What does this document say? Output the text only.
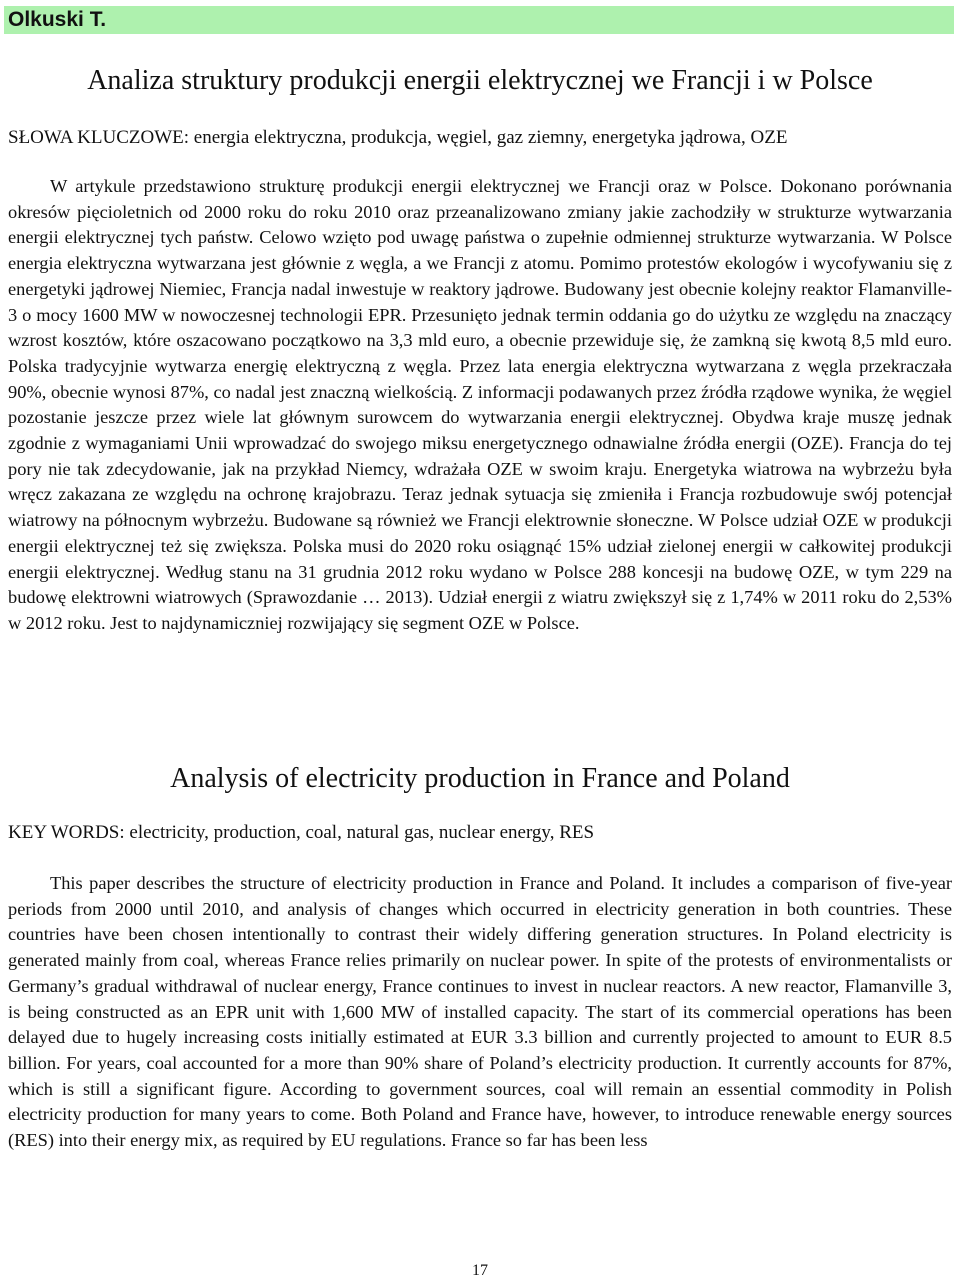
Olkuski T.
Analiza struktury produkcji energii elektrycznej we Francji i w Polsce
SŁOWA KLUCZOWE: energia elektryczna, produkcja, węgiel, gaz ziemny, energetyka jądrowa, OZE

W artykule przedstawiono strukturę produkcji energii elektrycznej we Francji oraz w Polsce. Dokonano porównania okresów pięcioletnich od 2000 roku do roku 2010 oraz przeanalizowano zmiany jakie zachodziły w strukturze wytwarzania energii elektrycznej tych państw. Celowo wzięto pod uwagę państwa o zupełnie odmiennej strukturze wytwarzania. W Polsce energia elektryczna wytwarzana jest głównie z węgla, a we Francji z atomu. Pomimo protestów ekologów i wycofywaniu się z energetyki jądrowej Niemiec, Francja nadal inwestuje w reaktory jądrowe. Budowany jest obecnie kolejny reaktor Flamanville-3 o mocy 1600 MW w nowoczesnej technologii EPR. Przesunięto jednak termin oddania go do użytku ze względu na znaczący wzrost kosztów, które oszacowano początkowo na 3,3 mld euro, a obecnie przewiduje się, że zamkną się kwotą 8,5 mld euro. Polska tradycyjnie wytwarza energię elektryczną z węgla. Przez lata energia elektryczna wytwarzana z węgla przekraczała 90%, obecnie wynosi 87%, co nadal jest znaczną wielkością. Z informacji podawanych przez źródła rządowe wynika, że węgiel pozostanie jeszcze przez wiele lat głównym surowcem do wytwarzania energii elektrycznej. Obydwa kraje muszę jednak zgodnie z wymaganiami Unii wprowadzać do swojego miksu energetycznego odnawialne źródła energii (OZE). Francja do tej pory nie tak zdecydowanie, jak na przykład Niemcy, wdrażała OZE w swoim kraju. Energetyka wiatrowa na wybrzeżu była wręcz zakazana ze względu na ochronę krajobrazu. Teraz jednak sytuacja się zmieniła i Francja rozbudowuje swój potencjał wiatrowy na północnym wybrzeżu. Budowane są również we Francji elektrownie słoneczne. W Polsce udział OZE w produkcji energii elektrycznej też się zwiększa. Polska musi do 2020 roku osiągnąć 15% udział zielonej energii w całkowitej produkcji energii elektrycznej. Według stanu na 31 grudnia 2012 roku wydano w Polsce 288 koncesji na budowę OZE, w tym 229 na budowę elektrowni wiatrowych (Sprawozdanie … 2013). Udział energii z wiatru zwiększył się z 1,74% w 2011 roku do 2,53% w 2012 roku. Jest to najdynamiczniej rozwijający się segment OZE w Polsce.

Analysis of electricity production in France and Poland
KEY WORDS: electricity, production, coal, natural gas, nuclear energy, RES

This paper describes the structure of electricity production in France and Poland. It includes a comparison of five-year periods from 2000 until 2010, and analysis of changes which occurred in electricity generation in both countries. These countries have been chosen intentionally to contrast their widely differing generation structures. In Poland electricity is generated mainly from coal, whereas France relies primarily on nuclear power. In spite of the protests of environmentalists or Germany’s gradual withdrawal of nuclear energy, France continues to invest in nuclear reactors. A new reactor, Flamanville 3, is being constructed as an EPR unit with 1,600 MW of installed capacity. The start of its commercial operations has been delayed due to hugely increasing costs initially estimated at EUR 3.3 billion and currently projected to amount to EUR 8.5 billion. For years, coal accounted for a more than 90% share of Poland’s electricity production. It currently accounts for 87%, which is still a significant figure. According to government sources, coal will remain an essential commodity in Polish electricity production for many years to come. Both Poland and France have, however, to introduce renewable energy sources (RES) into their energy mix, as required by EU regulations. France so far has been less

17
